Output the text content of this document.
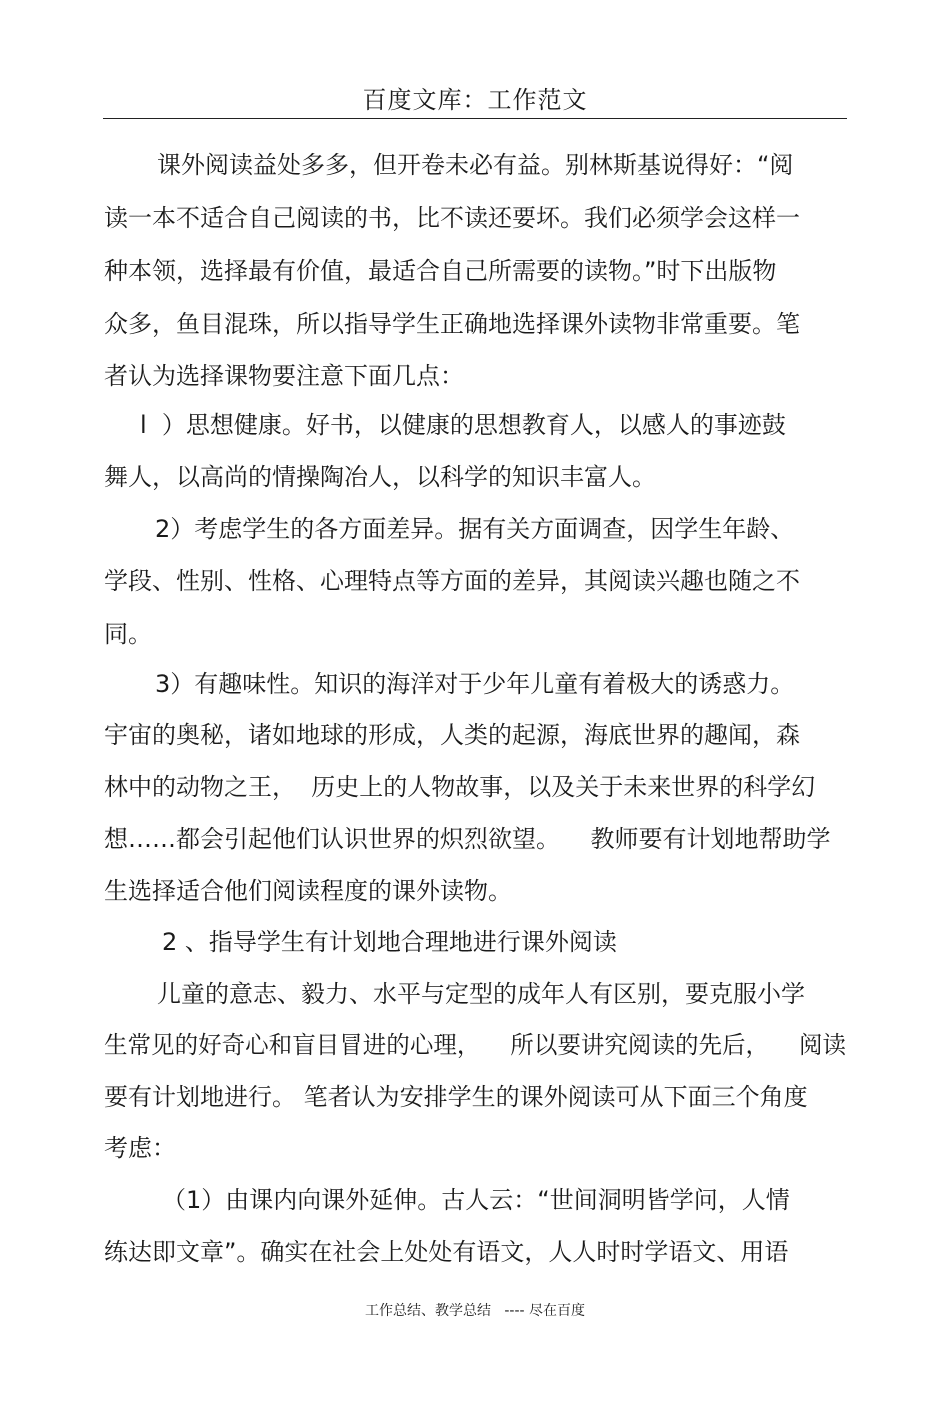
百度文库：工作范文
课外阅读益处多多，但开卷未必有益。别林斯基说得好：“阅
读一本不适合自己阅读的书，比不读还要坏。我们必须学会这样一
种本领，选择最有价值，最适合自己所需要的读物。”时下出版物
众多，鱼目混珠，所以指导学生正确地选择课外读物非常重要。笔
者认为选择课物要注意下面几点：
l  ）思想健康。好书，以健康的思想教育人，以感人的事迹鼓
舞人，以高尚的情操陶冶人，以科学的知识丰富人。
2）考虑学生的各方面差异。据有关方面调查，因学生年龄、
学段、性别、性格、心理特点等方面的差异，其阅读兴趣也随之不
同。
3）有趣味性。知识的海洋对于少年儿童有着极大的诱惑力。
宇宙的奥秘，诸如地球的形成，人类的起源，海底世界的趣闻，森
林中的动物之王，  历史上的人物故事，以及关于未来世界的科学幻
想……都会引起他们认识世界的炽烈欲望。    教师要有计划地帮助学
生选择适合他们阅读程度的课外读物。
2 、指导学生有计划地合理地进行课外阅读
儿童的意志、毅力、水平与定型的成年人有区别，要克服小学
生常见的好奇心和盲目冒进的心理，    所以要讲究阅读的先后，    阅读
要有计划地进行。 笔者认为安排学生的课外阅读可从下面三个角度
考虑：
（1）由课内向课外延伸。古人云：“世间洞明皆学问，人情
练达即文章”。确实在社会上处处有语文，人人时时学语文、用语
工作总结、教学总结   ---- 尽在百度
